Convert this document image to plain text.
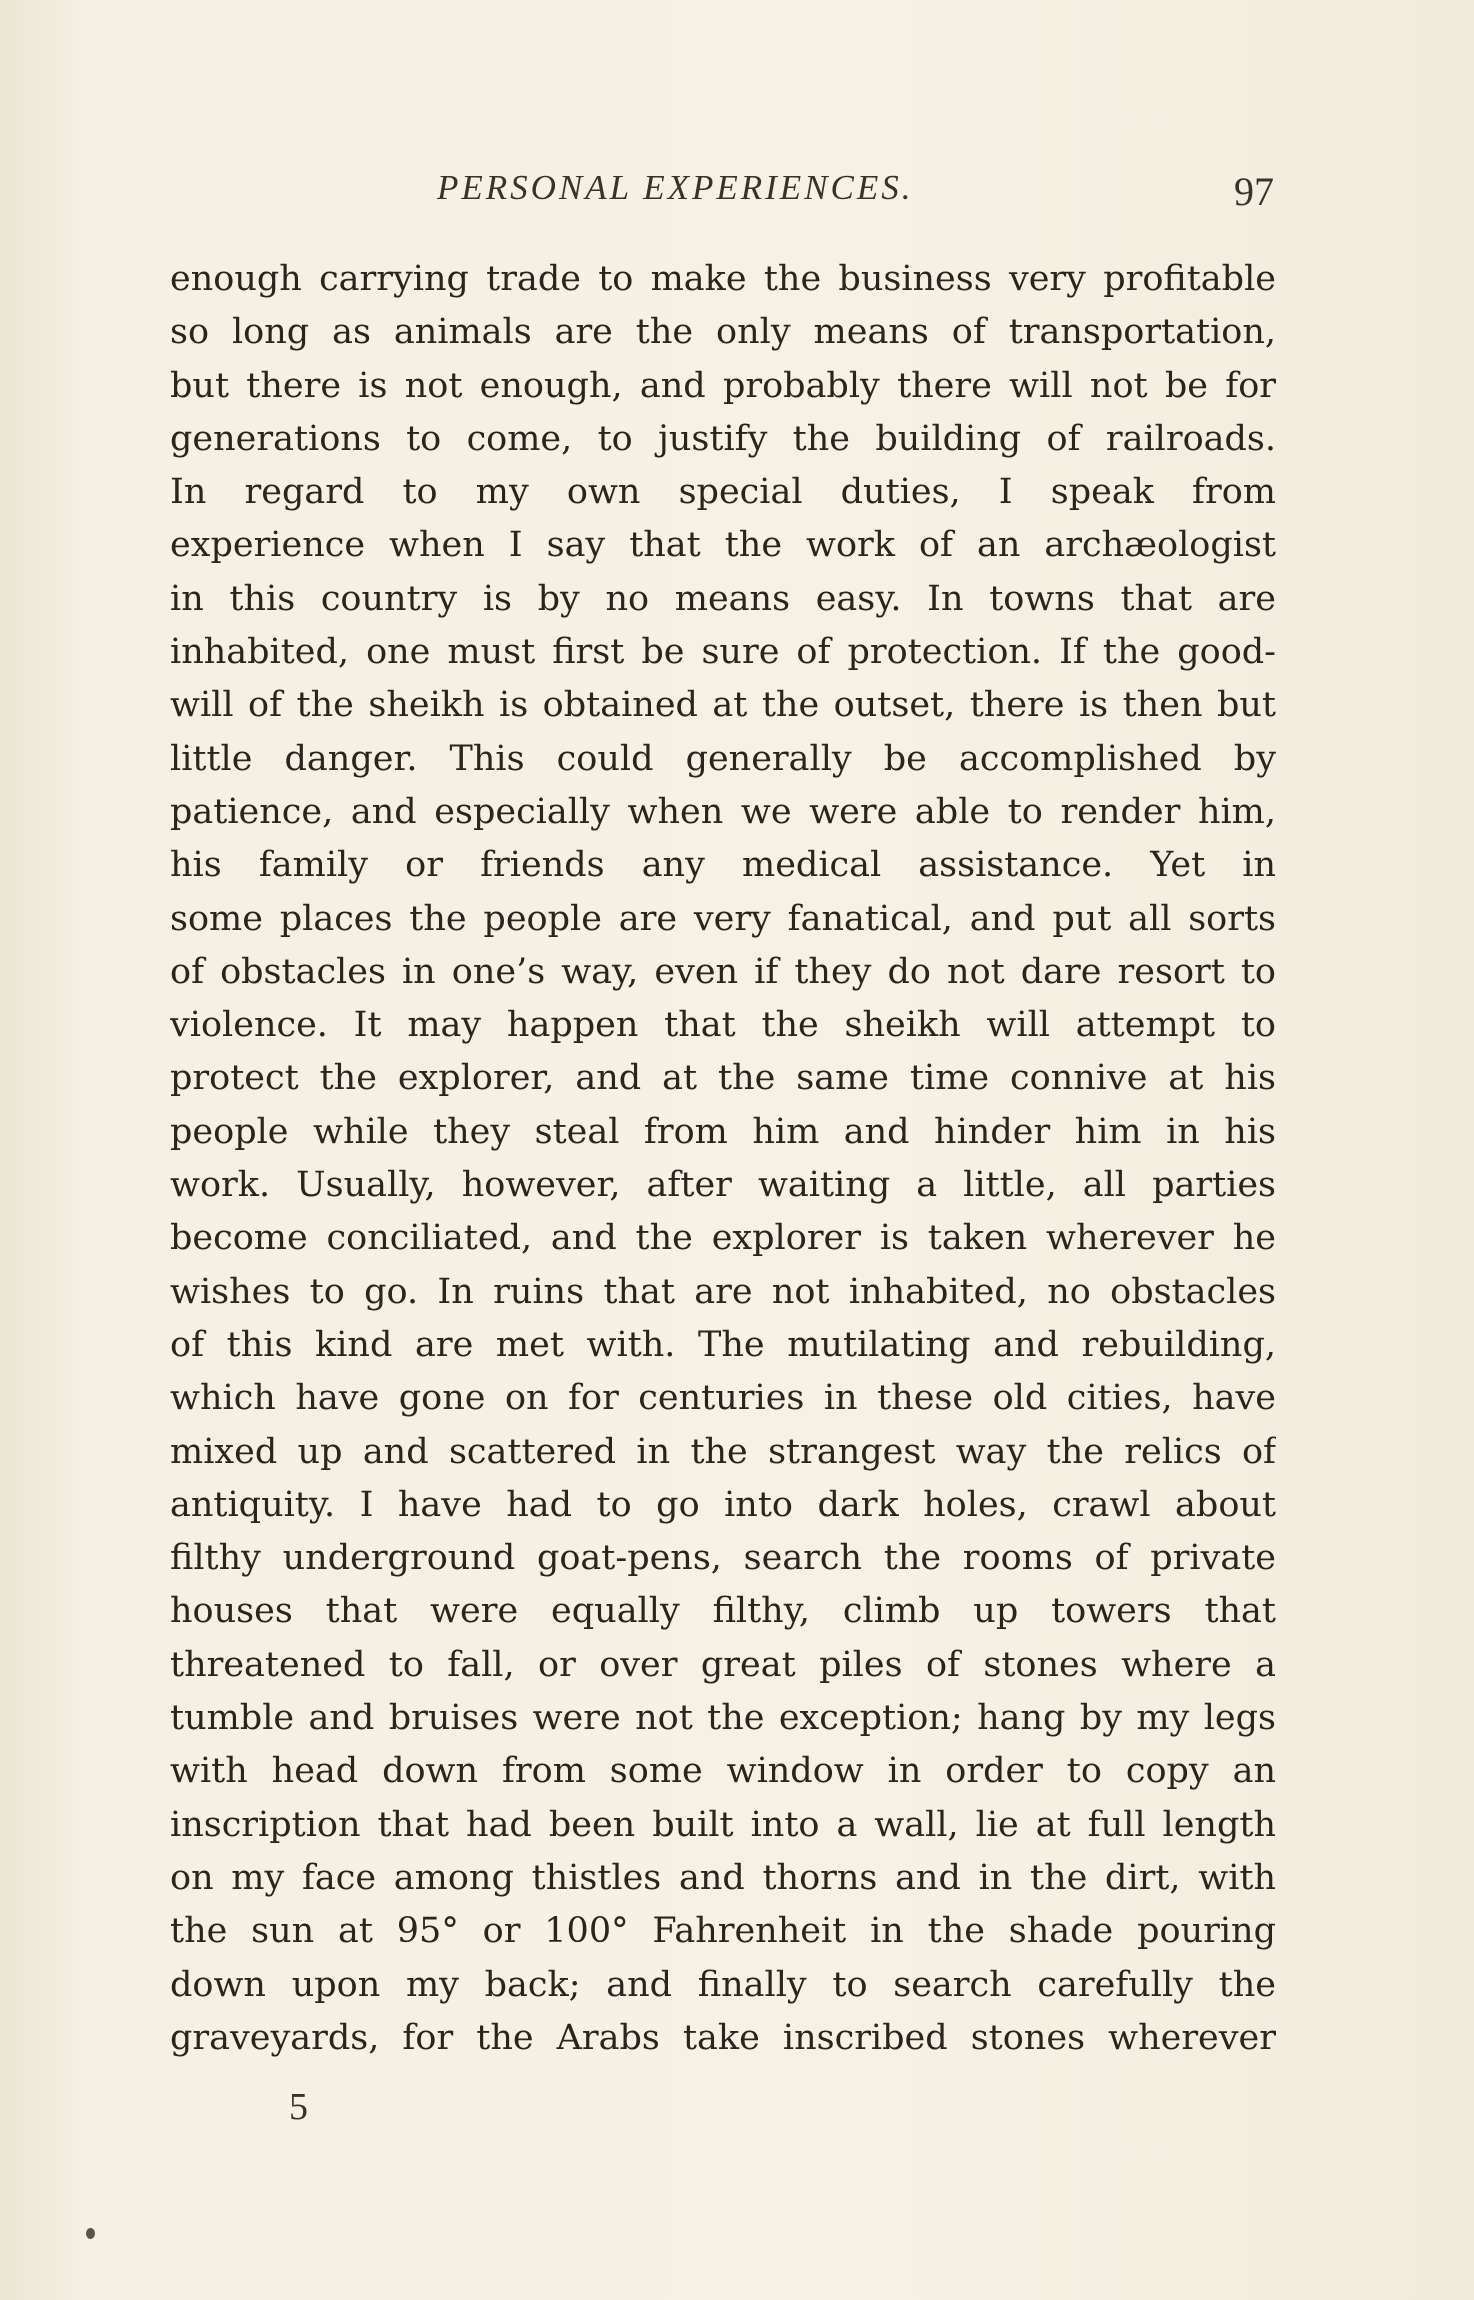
PERSONAL EXPERIENCES.	97
enough carrying trade to make the business very profitable
so long as animals are the only means of transportation,
but there is not enough, and probably there will not be for
generations to come, to justify the building of railroads.
In regard to my own special duties, I speak from
experience when I say that the work of an archæologist
in this country is by no means easy. In towns that are
inhabited, one must first be sure of protection. If the good-
will of the sheikh is obtained at the outset, there is then but
little danger. This could generally be accomplished by
patience, and especially when we were able to render him,
his family or friends any medical assistance. Yet in
some places the people are very fanatical, and put all sorts
of obstacles in one’s way, even if they do not dare resort to
violence. It may happen that the sheikh will attempt to
protect the explorer, and at the same time connive at his
people while they steal from him and hinder him in his
work. Usually, however, after waiting a little, all parties
become conciliated, and the explorer is taken wherever he
wishes to go. In ruins that are not inhabited, no obstacles
of this kind are met with. The mutilating and rebuilding,
which have gone on for centuries in these old cities, have
mixed up and scattered in the strangest way the relics of
antiquity. I have had to go into dark holes, crawl about
filthy underground goat-pens, search the rooms of private
houses that were equally filthy, climb up towers that
threatened to fall, or over great piles of stones where a
tumble and bruises were not the exception; hang by my legs
with head down from some window in order to copy an
inscription that had been built into a wall, lie at full length
on my face among thistles and thorns and in the dirt, with
the sun at 95° or 100° Fahrenheit in the shade pouring
down upon my back; and finally to search carefully the
graveyards, for the Arabs take inscribed stones wherever
5
